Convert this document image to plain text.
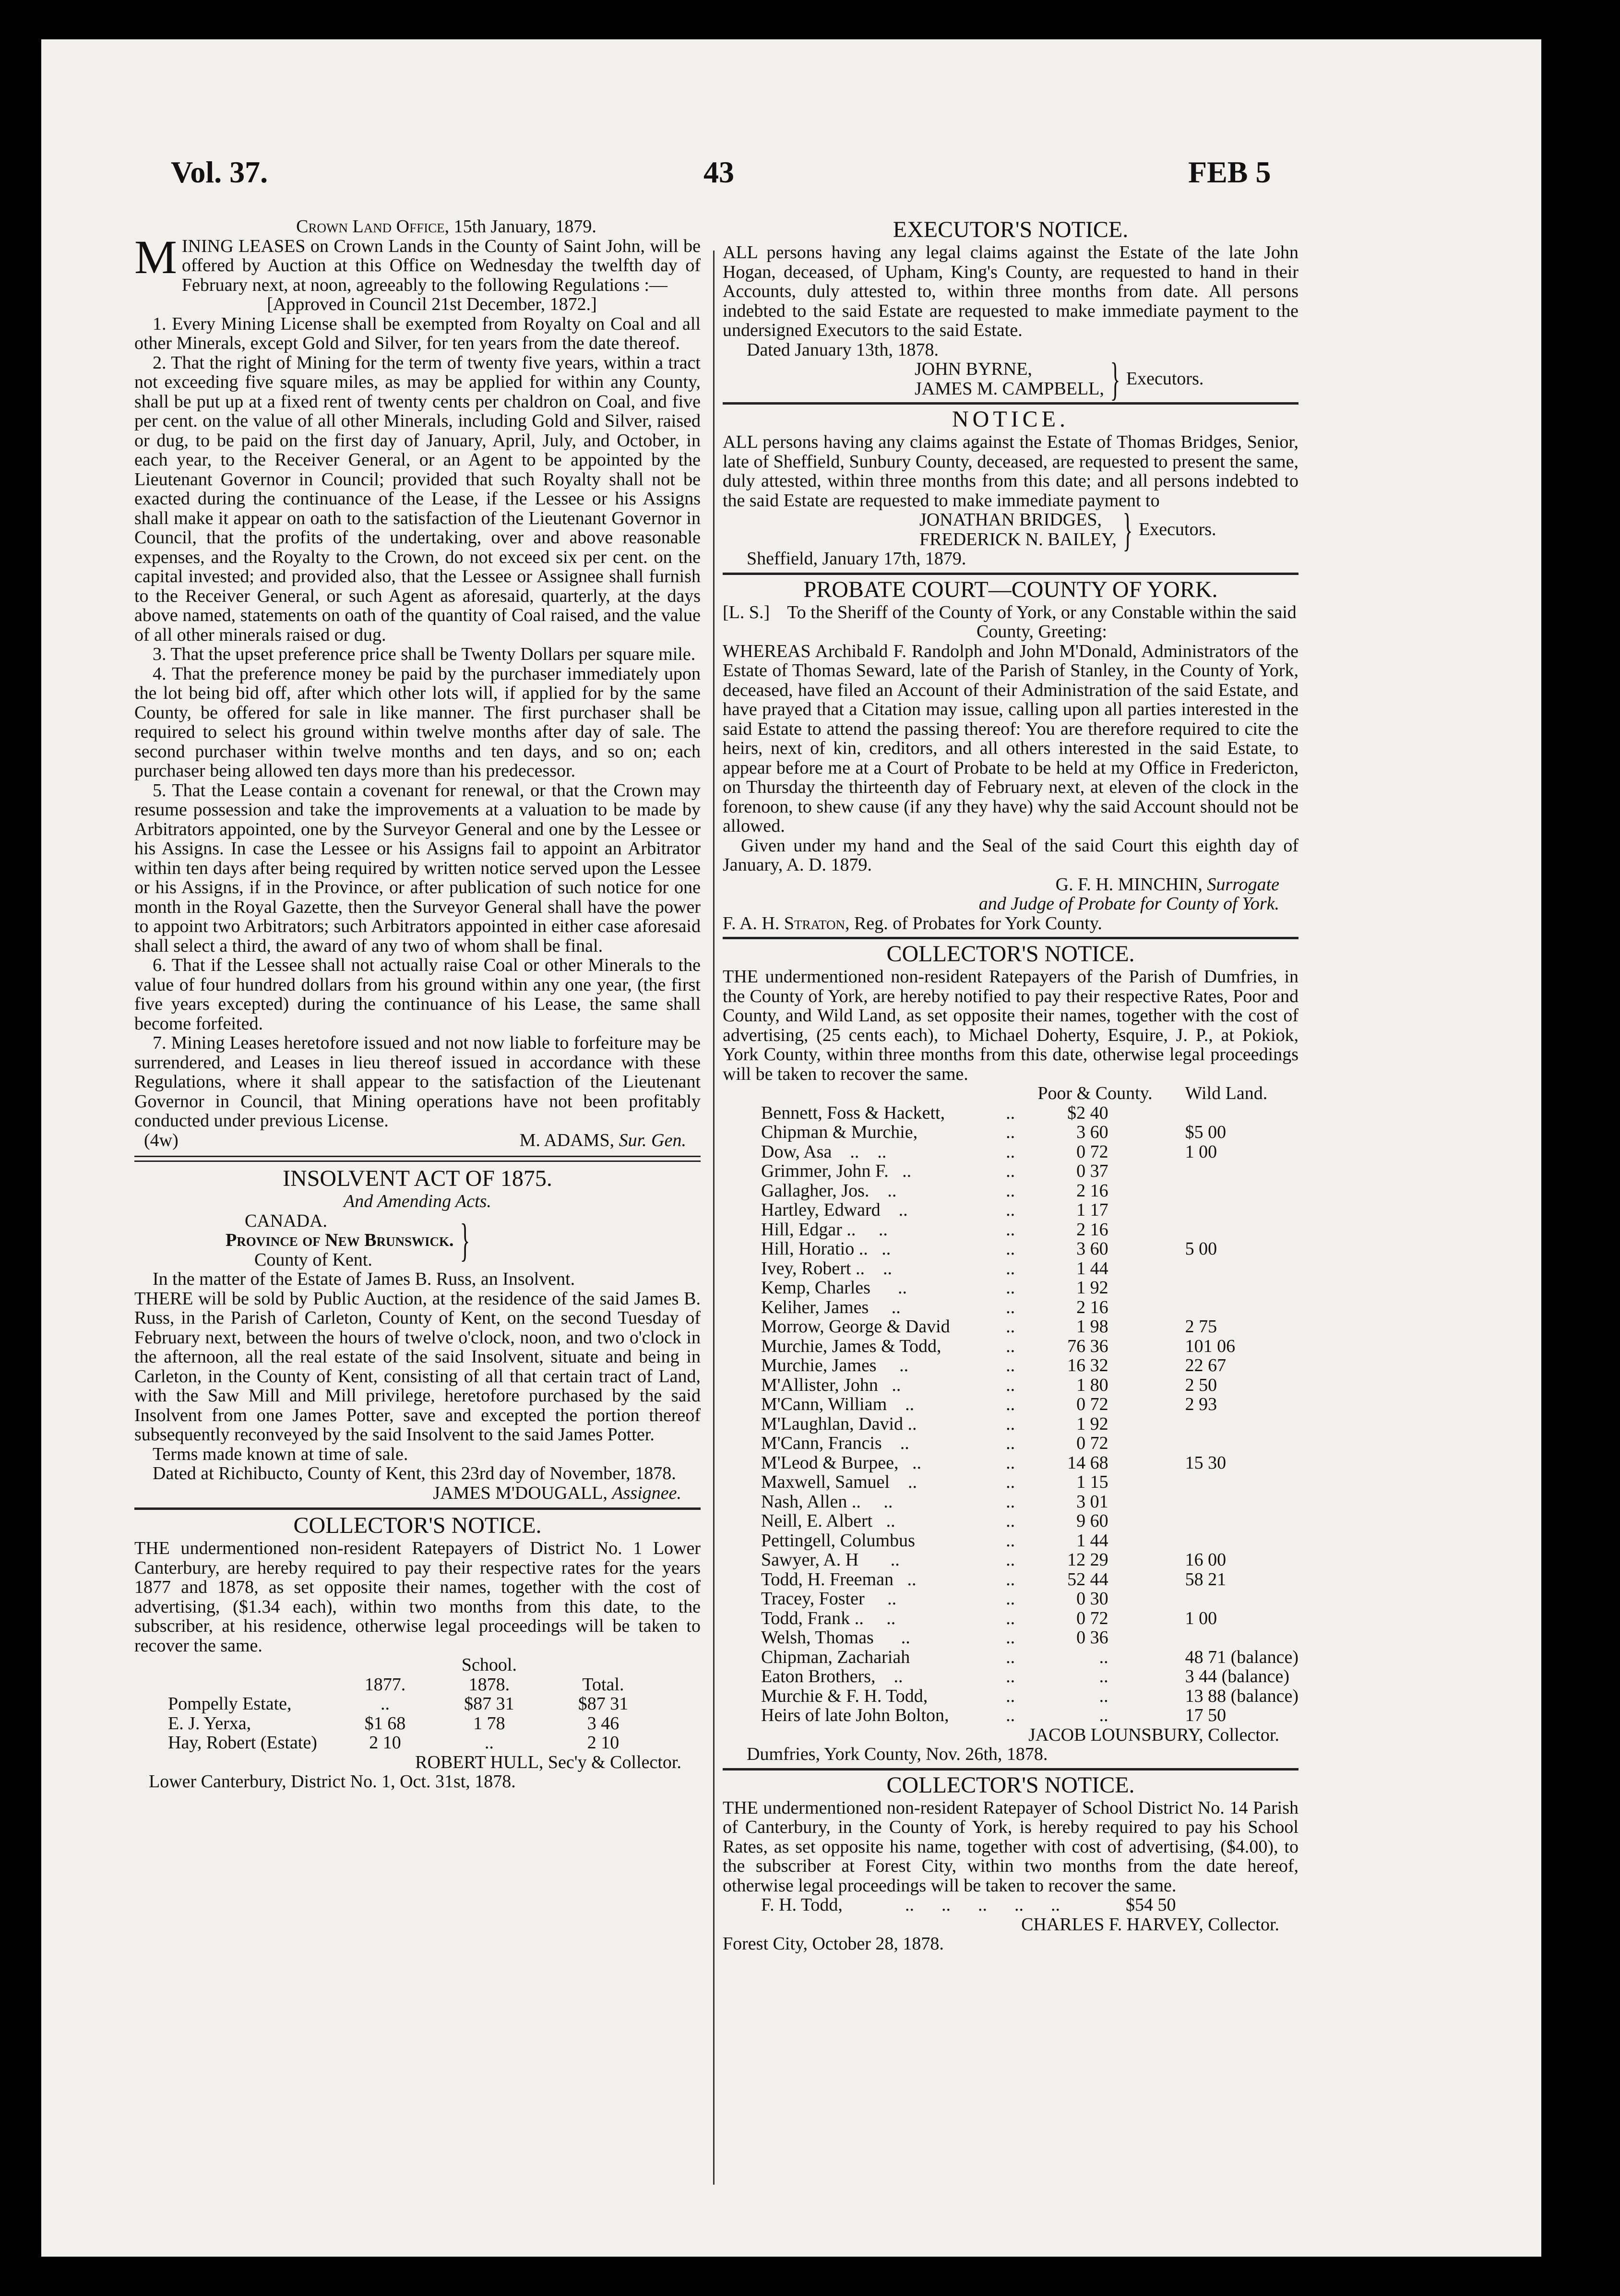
Vol. 37.	43	FEB 5
Crown Land Office, 15th January, 1879.

MINING LEASES on Crown Lands in the County of Saint John, will be offered by Auction at this Office on Wednesday the twelfth day of February next, at noon, agreeably to the following Regulations :—

[Approved in Council 21st December, 1872.]

1. Every Mining License shall be exempted from Royalty on Coal and all other Minerals, except Gold and Silver, for ten years from the date thereof.

2. That the right of Mining for the term of twenty five years, within a tract not exceeding five square miles, as may be applied for within any County, shall be put up at a fixed rent of twenty cents per chaldron on Coal, and five per cent. on the value of all other Minerals, including Gold and Silver, raised or dug, to be paid on the first day of January, April, July, and October, in each year, to the Receiver General, or an Agent to be appointed by the Lieutenant Governor in Council; provided that such Royalty shall not be exacted during the continuance of the Lease, if the Lessee or his Assigns shall make it appear on oath to the satisfaction of the Lieutenant Governor in Council, that the profits of the undertaking, over and above reasonable expenses, and the Royalty to the Crown, do not exceed six per cent. on the capital invested; and provided also, that the Lessee or Assignee shall furnish to the Receiver General, or such Agent as aforesaid, quarterly, at the days above named, statements on oath of the quantity of Coal raised, and the value of all other minerals raised or dug.

3. That the upset preference price shall be Twenty Dollars per square mile.

4. That the preference money be paid by the purchaser immediately upon the lot being bid off, after which other lots will, if applied for by the same County, be offered for sale in like manner. The first purchaser shall be required to select his ground within twelve months after day of sale. The second purchaser within twelve months and ten days, and so on; each purchaser being allowed ten days more than his predecessor.

5. That the Lease contain a covenant for renewal, or that the Crown may resume possession and take the improvements at a valuation to be made by Arbitrators appointed, one by the Surveyor General and one by the Lessee or his Assigns. In case the Lessee or his Assigns fail to appoint an Arbitrator within ten days after being required by written notice served upon the Lessee or his Assigns, if in the Province, or after publication of such notice for one month in the Royal Gazette, then the Surveyor General shall have the power to appoint two Arbitrators; such Arbitrators appointed in either case aforesaid shall select a third, the award of any two of whom shall be final.

6. That if the Lessee shall not actually raise Coal or other Minerals to the value of four hundred dollars from his ground within any one year, (the first five years excepted) during the continuance of his Lease, the same shall become forfeited.

7. Mining Leases heretofore issued and not now liable to forfeiture may be surrendered, and Leases in lieu thereof issued in accordance with these Regulations, where it shall appear to the satisfaction of the Lieutenant Governor in Council, that Mining operations have not been profitably conducted under previous License.

(4w)	M. ADAMS, Sur. Gen.
INSOLVENT ACT OF 1875.
And Amending Acts.
CANADA.
Province of New Brunswick.
County of Kent.	}

In the matter of the Estate of James B. Russ, an Insolvent.

THERE will be sold by Public Auction, at the residence of the said James B. Russ, in the Parish of Carleton, County of Kent, on the second Tuesday of February next, between the hours of twelve o'clock, noon, and two o'clock in the afternoon, all the real estate of the said Insolvent, situate and being in Carleton, in the County of Kent, consisting of all that certain tract of Land, with the Saw Mill and Mill privilege, heretofore purchased by the said Insolvent from one James Potter, save and excepted the portion thereof subsequently reconveyed by the said Insolvent to the said James Potter.

Terms made known at time of sale.

Dated at Richibucto, County of Kent, this 23rd day of November, 1878.

JAMES M'DOUGALL, Assignee.
COLLECTOR'S NOTICE.

THE undermentioned non-resident Ratepayers of District No. 1 Lower Canterbury, are hereby required to pay their respective rates for the years 1877 and 1878, as set opposite their names, together with the cost of advertising, ($1.34 each), within two months from this date, to the subscriber, at his residence, otherwise legal proceedings will be taken to recover the same.

		School.	
	1877.	1878.	Total.
Pompelly Estate,	..	$87 31	$87 31
E. J. Yerxa,	$1 68	1 78	3 46
Hay, Robert (Estate)	2 10	..	2 10
ROBERT HULL, Sec'y & Collector.
Lower Canterbury, District No. 1, Oct. 31st, 1878.
EXECUTOR'S NOTICE.

ALL persons having any legal claims against the Estate of the late John Hogan, deceased, of Upham, King's County, are requested to hand in their Accounts, duly attested to, within three months from date. All persons indebted to the said Estate are requested to make immediate payment to the undersigned Executors to the said Estate.

Dated January 13th, 1878.
JOHN BYRNE,
JAMES M. CAMPBELL, } Executors.
NOTICE.

ALL persons having any claims against the Estate of Thomas Bridges, Senior, late of Sheffield, Sunbury County, deceased, are requested to present the same, duly attested, within three months from this date; and all persons indebted to the said Estate are requested to make immediate payment to

JONATHAN BRIDGES,
FREDERICK N. BAILEY, } Executors.
Sheffield, January 17th, 1879.
PROBATE COURT—COUNTY OF YORK.
[L. S.] To the Sheriff of the County of York, or any Constable within the said County, Greeting:

WHEREAS Archibald F. Randolph and John M'Donald, Administrators of the Estate of Thomas Seward, late of the Parish of Stanley, in the County of York, deceased, have filed an Account of their Administration of the said Estate, and have prayed that a Citation may issue, calling upon all parties interested in the said Estate to attend the passing thereof: You are therefore required to cite the heirs, next of kin, creditors, and all others interested in the said Estate, to appear before me at a Court of Probate to be held at my Office in Fredericton, on Thursday the thirteenth day of February next, at eleven of the clock in the forenoon, to shew cause (if any they have) why the said Account should not be allowed.

Given under my hand and the Seal of the said Court this eighth day of January, A. D. 1879.

G. F. H. MINCHIN, Surrogate
and Judge of Probate for County of York.
F. A. H. Straton, Reg. of Probates for York County.
COLLECTOR'S NOTICE.

THE undermentioned non-resident Ratepayers of the Parish of Dumfries, in the County of York, are hereby notified to pay their respective Rates, Poor and County, and Wild Land, as set opposite their names, together with the cost of advertising, (25 cents each), to Michael Doherty, Esquire, J. P., at Pokiok, York County, within three months from this date, otherwise legal proceedings will be taken to recover the same.

		Poor & County.	Wild Land.
Bennett, Foss & Hackett,	..	$2 40	
Chipman & Murchie,	..	3 60	$5 00
Dow, Asa    ..    ..	..	0 72	1 00
Grimmer, John F.   ..	..	0 37	
Gallagher, Jos.    ..	..	2 16	
Hartley, Edward    ..	..	1 17	
Hill, Edgar ..     ..	..	2 16	
Hill, Horatio ..   ..	..	3 60	5 00
Ivey, Robert ..    ..	..	1 44	
Kemp, Charles      ..	..	1 92	
Keliher, James     ..	..	2 16	
Morrow, George & David	..	1 98	2 75
Murchie, James & Todd,	..	76 36	101 06
Murchie, James     ..	..	16 32	22 67
M'Allister, John   ..	..	1 80	2 50
M'Cann, William    ..	..	0 72	2 93
M'Laughlan, David ..	..	1 92	
M'Cann, Francis    ..	..	0 72	
M'Leod & Burpee,   ..	..	14 68	15 30
Maxwell, Samuel    ..	..	1 15	
Nash, Allen ..     ..	..	3 01	
Neill, E. Albert   ..	..	9 60	
Pettingell, Columbus	..	1 44	
Sawyer, A. H       ..	..	12 29	16 00
Todd, H. Freeman   ..	..	52 44	58 21
Tracey, Foster     ..	..	0 30	
Todd, Frank ..     ..	..	0 72	1 00
Welsh, Thomas      ..	..	0 36	
Chipman, Zachariah	..	..	48 71 (balance)
Eaton Brothers,    ..	..	..	3 44 (balance)
Murchie & F. H. Todd,	..	..	13 88 (balance)
Heirs of late John Bolton,	..	..	17 50
JACOB LOUNSBURY, Collector.
Dumfries, York County, Nov. 26th, 1878.
COLLECTOR'S NOTICE.

THE undermentioned non-resident Ratepayer of School District No. 14 Parish of Canterbury, in the County of York, is hereby required to pay his School Rates, as set opposite his name, together with cost of advertising, ($4.00), to the subscriber at Forest City, within two months from the date hereof, otherwise legal proceedings will be taken to recover the same.

F. H. Todd,	..      ..      ..      ..      ..	$54 50
CHARLES F. HARVEY, Collector.
Forest City, October 28, 1878.
